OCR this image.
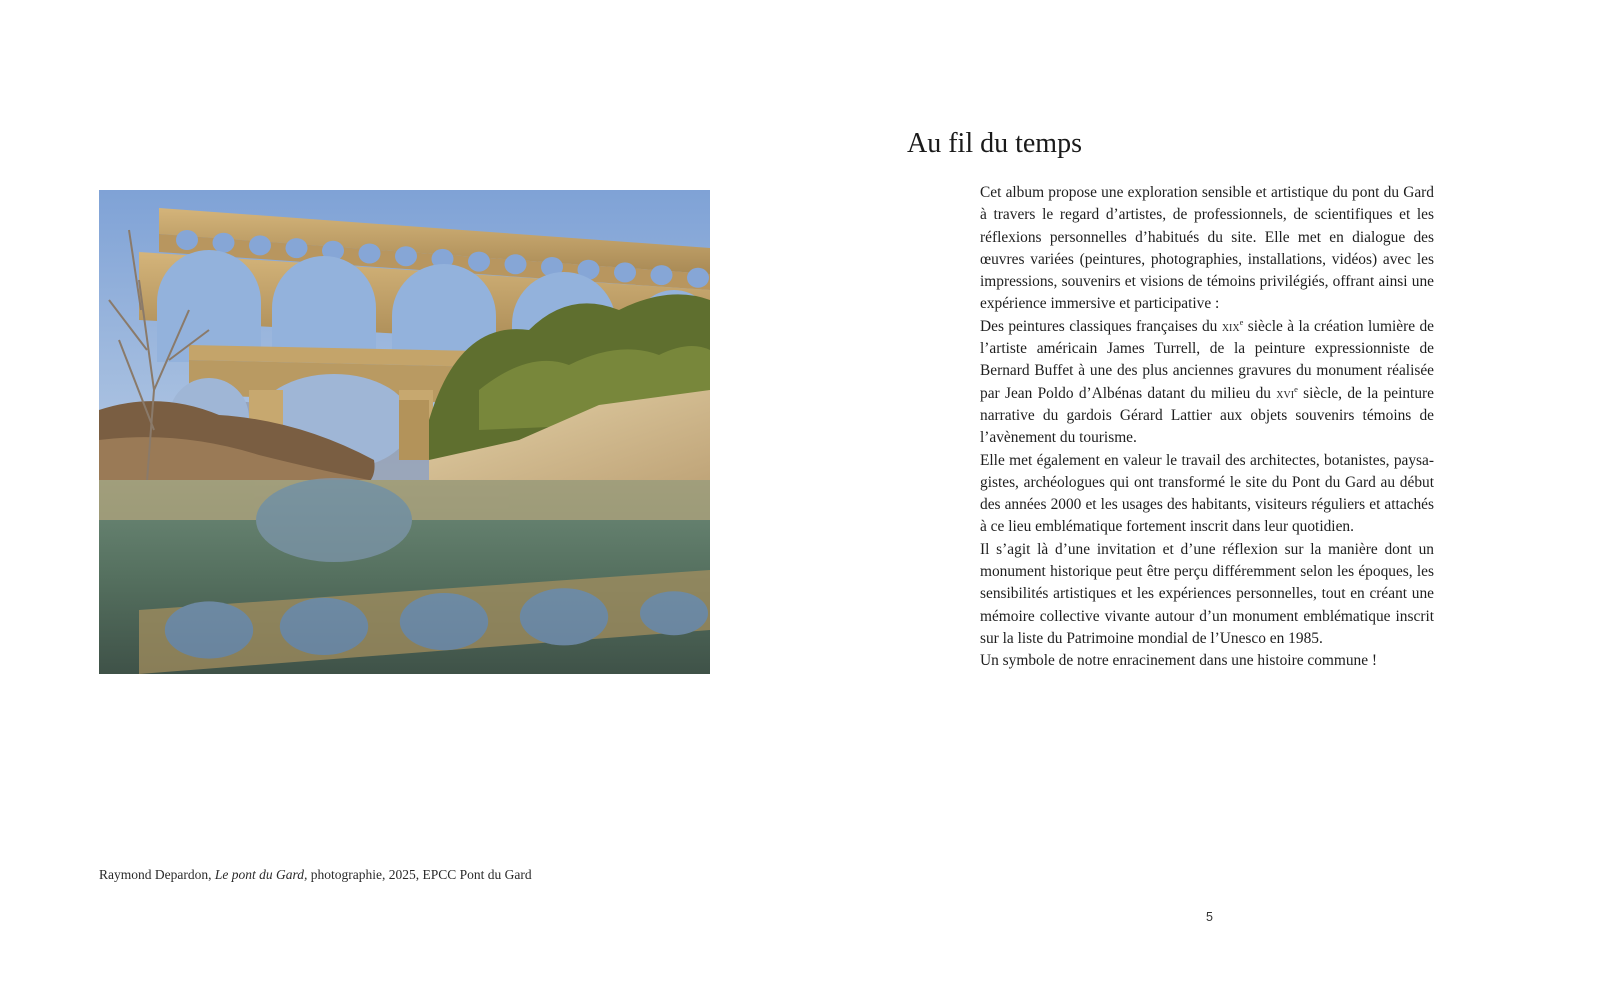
Raymond Depardon, Le pont du Gard, photographie, 2025, EPCC Pont du Gard
Au fil du temps

Cet album propose une exploration sensible et artistique du pont du Gard à travers le regard d’artistes, de professionnels, de scientifiques et les réflexions personnelles d’habitués du site. Elle met en dialogue des œuvres variées (peintures, photographies, installations, vidéos) avec les impressions, souvenirs et visions de témoins privilégiés, offrant ainsi une expérience immersive et participative :

Des peintures classiques françaises du xix$^e$ siècle à la création lumière de l’artiste américain James Turrell, de la peinture expressionniste de Bernard Buffet à une des plus anciennes gravures du monument réalisée par Jean Poldo d’Albénas datant du milieu du xvi$^e$ siècle, de la peinture narrative du gardois Gérard Lattier aux objets souvenirs témoins de l’avènement du tourisme.

Elle met également en valeur le travail des architectes, botanistes, paysagistes, archéologues qui ont transformé le site du Pont du Gard au début des années 2000 et les usages des habitants, visiteurs réguliers et attachés à ce lieu emblématique fortement inscrit dans leur quotidien.

Il s’agit là d’une invitation et d’une réflexion sur la manière dont un monument historique peut être perçu différemment selon les époques, les sensibilités artistiques et les expériences personnelles, tout en créant une mémoire collective vivante autour d’un monument emblématique inscrit sur la liste du Patrimoine mondial de l’Unesco en 1985.

Un symbole de notre enracinement dans une histoire commune !

5
